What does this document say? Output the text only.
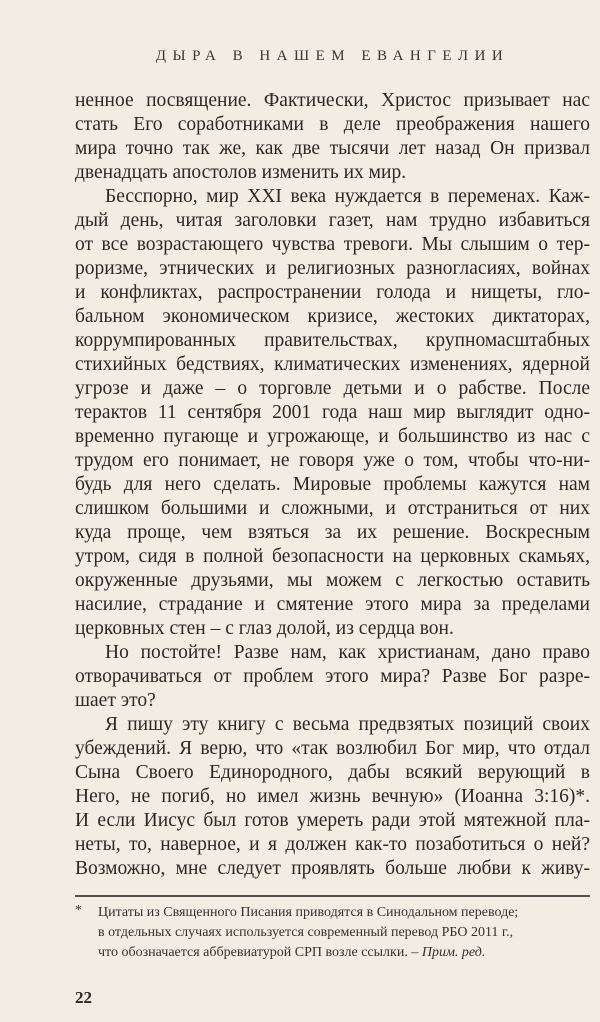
ДЫРА В НАШЕМ ЕВАНГЕЛИИ
ненное посвящение. Фактически, Христос призывает нас
стать Его соработниками в деле преображения нашего
мира точно так же, как две тысячи лет назад Он призвал
двенадцать апостолов изменить их мир.
Бесспорно, мир XXI века нуждается в переменах. Каж-
дый день, читая заголовки газет, нам трудно избавиться
от все возрастающего чувства тревоги. Мы слышим о тер-
роризме, этнических и религиозных разногласиях, войнах
и конфликтах, распространении голода и нищеты, гло-
бальном экономическом кризисе, жестоких диктаторах,
коррумпированных правительствах, крупномасштабных
стихийных бедствиях, климатических изменениях, ядерной
угрозе и даже – о торговле детьми и о рабстве. После
терактов 11 сентября 2001 года наш мир выглядит одно-
временно пугающе и угрожающе, и большинство из нас с
трудом его понимает, не говоря уже о том, чтобы что-ни-
будь для него сделать. Мировые проблемы кажутся нам
слишком большими и сложными, и отстраниться от них
куда проще, чем взяться за их решение. Воскресным
утром, сидя в полной безопасности на церковных скамьях,
окруженные друзьями, мы можем с легкостью оставить
насилие, страдание и смятение этого мира за пределами
церковных стен – с глаз долой, из сердца вон.
Но постойте! Разве нам, как христианам, дано право
отворачиваться от проблем этого мира? Разве Бог разре-
шает это?
Я пишу эту книгу с весьма предвзятых позиций своих
убеждений. Я верю, что «так возлюбил Бог мир, что отдал
Сына Своего Единородного, дабы всякий верующий в
Него, не погиб, но имел жизнь вечную» (Иоанна 3:16)*.
И если Иисус был готов умереть ради этой мятежной пла-
неты, то, наверное, и я должен как-то позаботиться о ней?
Возможно, мне следует проявлять больше любви к живу-
*	Цитаты из Священного Писания приводятся в Синодальном переводе;
в отдельных случаях используется современный перевод РБО 2011 г.,
что обозначается аббревиатурой СРП возле ссылки. – Прим. ред.
22
